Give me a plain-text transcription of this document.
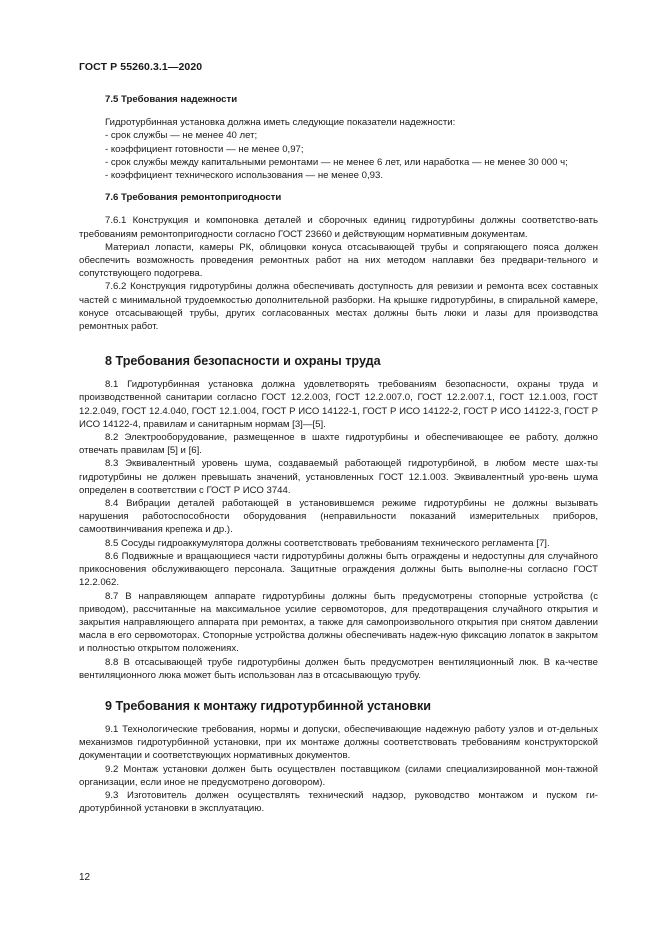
ГОСТ Р 55260.3.1—2020
7.5 Требования надежности

Гидротурбинная установка должна иметь следующие показатели надежности:

- срок службы — не менее 40 лет;

- коэффициент готовности — не менее 0,97;

- срок службы между капитальными ремонтами — не менее 6 лет, или наработка — не менее 30 000 ч;

- коэффициент технического использования — не менее 0,93.

7.6 Требования ремонтопригодности

7.6.1 Конструкция и компоновка деталей и сборочных единиц гидротурбины должны соответство-вать требованиям ремонтопригодности согласно ГОСТ 23660 и действующим нормативным документам.

Материал лопасти, камеры РК, облицовки конуса отсасывающей трубы и сопрягающего пояса должен обеспечить возможность проведения ремонтных работ на них методом наплавки без предвари-тельного и сопутствующего подогрева.

7.6.2 Конструкция гидротурбины должна обеспечивать доступность для ревизии и ремонта всех составных частей с минимальной трудоемкостью дополнительной разборки. На крышке гидротурбины, в спиральной камере, конусе отсасывающей трубы, других согласованных местах должны быть люки и лазы для производства ремонтных работ.

8 Требования безопасности и охраны труда

8.1 Гидротурбинная установка должна удовлетворять требованиям безопасности, охраны труда и производственной санитарии согласно ГОСТ 12.2.003, ГОСТ 12.2.007.0, ГОСТ 12.2.007.1, ГОСТ 12.1.003, ГОСТ 12.2.049, ГОСТ 12.4.040, ГОСТ 12.1.004, ГОСТ Р ИСО 14122-1, ГОСТ Р ИСО 14122-2, ГОСТ Р ИСО 14122-3, ГОСТ Р ИСО 14122-4, правилам и санитарным нормам [3]—[5].

8.2 Электрооборудование, размещенное в шахте гидротурбины и обеспечивающее ее работу, должно отвечать правилам [5] и [6].

8.3 Эквивалентный уровень шума, создаваемый работающей гидротурбиной, в любом месте шах-ты гидротурбины не должен превышать значений, установленных ГОСТ 12.1.003. Эквивалентный уро-вень шума определен в соответствии с ГОСТ Р ИСО 3744.

8.4 Вибрации деталей работающей в установившемся режиме гидротурбины не должны вызывать нарушения работоспособности оборудования (неправильности показаний измерительных приборов, самоотвинчивания крепежа и др.).

8.5 Сосуды гидроаккумулятора должны соответствовать требованиям технического регламента [7].

8.6 Подвижные и вращающиеся части гидротурбины должны быть ограждены и недоступны для случайного прикосновения обслуживающего персонала. Защитные ограждения должны быть выполне-ны согласно ГОСТ 12.2.062.

8.7 В направляющем аппарате гидротурбины должны быть предусмотрены стопорные устройства (с приводом), рассчитанные на максимальное усилие сервомоторов, для предотвращения случайного открытия и закрытия направляющего аппарата при ремонтах, а также для самопроизвольного открытия при снятом давлении масла в его сервомоторах. Стопорные устройства должны обеспечивать надеж-ную фиксацию лопаток в закрытом и полностью открытом положениях.

8.8 В отсасывающей трубе гидротурбины должен быть предусмотрен вентиляционный люк. В ка-честве вентиляционного люка может быть использован лаз в отсасывающую трубу.

9 Требования к монтажу гидротурбинной установки

9.1 Технологические требования, нормы и допуски, обеспечивающие надежную работу узлов и от-дельных механизмов гидротурбинной установки, при их монтаже должны соответствовать требованиям конструкторской документации и соответствующих нормативных документов.

9.2 Монтаж установки должен быть осуществлен поставщиком (силами специализированной мон-тажной организации, если иное не предусмотрено договором).

9.3 Изготовитель должен осуществлять технический надзор, руководство монтажом и пуском ги-дротурбинной установки в эксплуатацию.

12
